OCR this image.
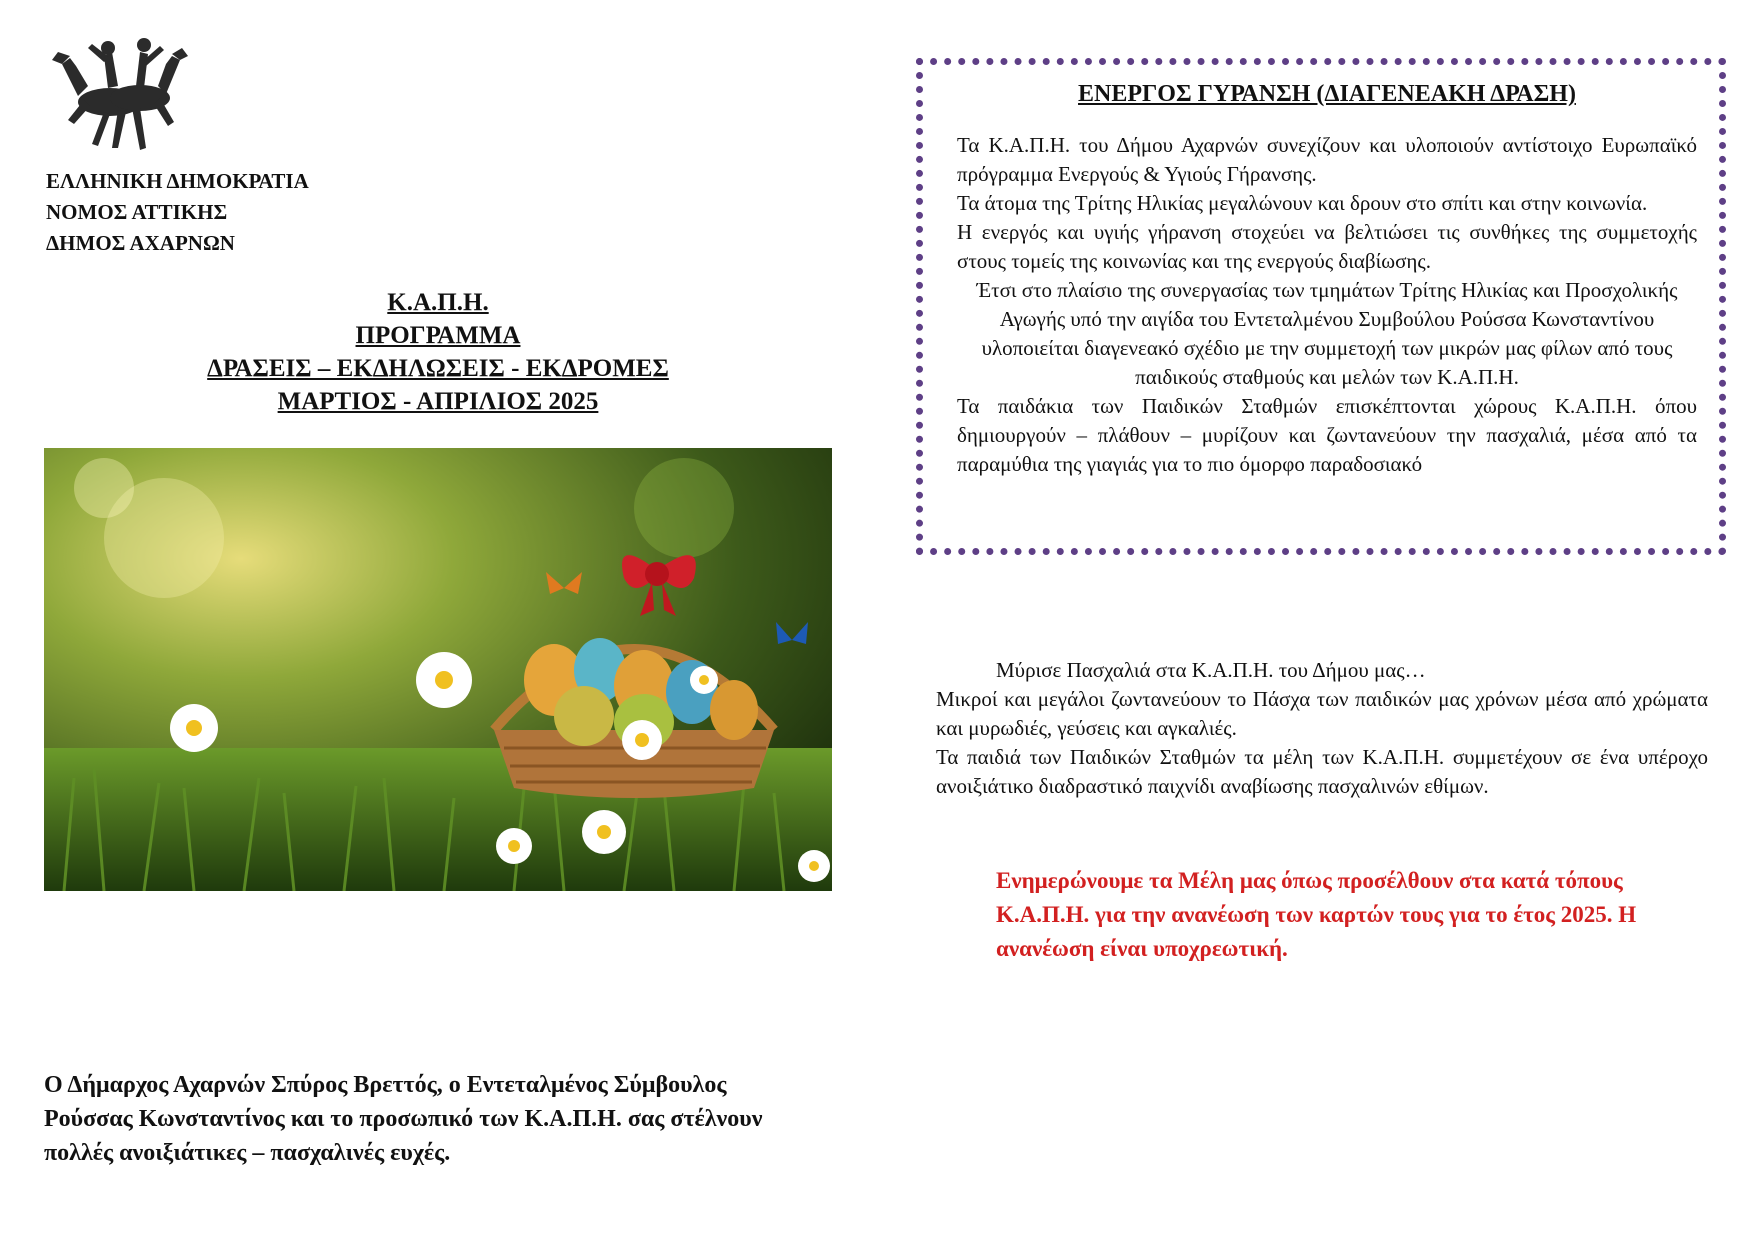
ΕΛΛΗΝΙΚΗ ΔΗΜΟΚΡΑΤΙΑ
ΝΟΜΟΣ ΑΤΤΙΚΗΣ
ΔΗΜΟΣ ΑΧΑΡΝΩΝ
Κ.Α.Π.Η.
ΠΡΟΓΡΑΜΜΑ
ΔΡΑΣΕΙΣ – ΕΚΔΗΛΩΣΕΙΣ - ΕΚΔΡΟΜΕΣ
ΜΑΡΤΙΟΣ - ΑΠΡΙΛΙΟΣ 2025
Ο Δήμαρχος Αχαρνών Σπύρος Βρεττός, ο Εντεταλμένος Σύμβουλος Ρούσσας Κωνσταντίνος και το προσωπικό των Κ.Α.Π.Η. σας στέλνουν πολλές ανοιξιάτικες – πασχαλινές ευχές.
ΕΝΕΡΓΟΣ ΓΥΡΑΝΣΗ (ΔΙΑΓΕΝΕΑΚΗ ΔΡΑΣΗ)

Τα Κ.Α.Π.Η. του Δήμου Αχαρνών συνεχίζουν και υλοποιούν αντίστοιχο Ευρωπαϊκό πρόγραμμα Ενεργούς & Υγιούς Γήρανσης.

Τα άτομα της Τρίτης Ηλικίας μεγαλώνουν και δρουν στο σπίτι και στην κοινωνία.

Η ενεργός και υγιής γήρανση στοχεύει να βελτιώσει τις συνθήκες της συμμετοχής στους τομείς της κοινωνίας και της ενεργούς διαβίωσης.

Έτσι στο πλαίσιο της συνεργασίας των τμημάτων Τρίτης Ηλικίας και Προσχολικής Αγωγής υπό την αιγίδα του Εντεταλμένου Συμβούλου Ρούσσα Κωνσταντίνου υλοποιείται διαγενεακό σχέδιο με την συμμετοχή των μικρών μας φίλων από τους παιδικούς σταθμούς και μελών των Κ.Α.Π.Η.

Τα παιδάκια των Παιδικών Σταθμών επισκέπτονται χώρους Κ.Α.Π.Η. όπου δημιουργούν – πλάθουν – μυρίζουν και ζωντανεύουν την πασχαλιά, μέσα από τα παραμύθια της γιαγιάς για το πιο όμορφο παραδοσιακό

Μύρισε Πασχαλιά στα Κ.Α.Π.Η. του Δήμου μας…

Μικροί και μεγάλοι ζωντανεύουν το Πάσχα των παιδικών μας χρόνων μέσα από χρώματα και μυρωδιές, γεύσεις και αγκαλιές.

Τα παιδιά των Παιδικών Σταθμών τα μέλη των Κ.Α.Π.Η. συμμετέχουν σε ένα υπέροχο ανοιξιάτικο διαδραστικό παιχνίδι αναβίωσης πασχαλινών εθίμων.

Ενημερώνουμε τα Μέλη μας όπως προσέλθουν στα κατά τόπους Κ.Α.Π.Η. για την ανανέωση των καρτών τους για το έτος 2025. Η ανανέωση είναι υποχρεωτική.
